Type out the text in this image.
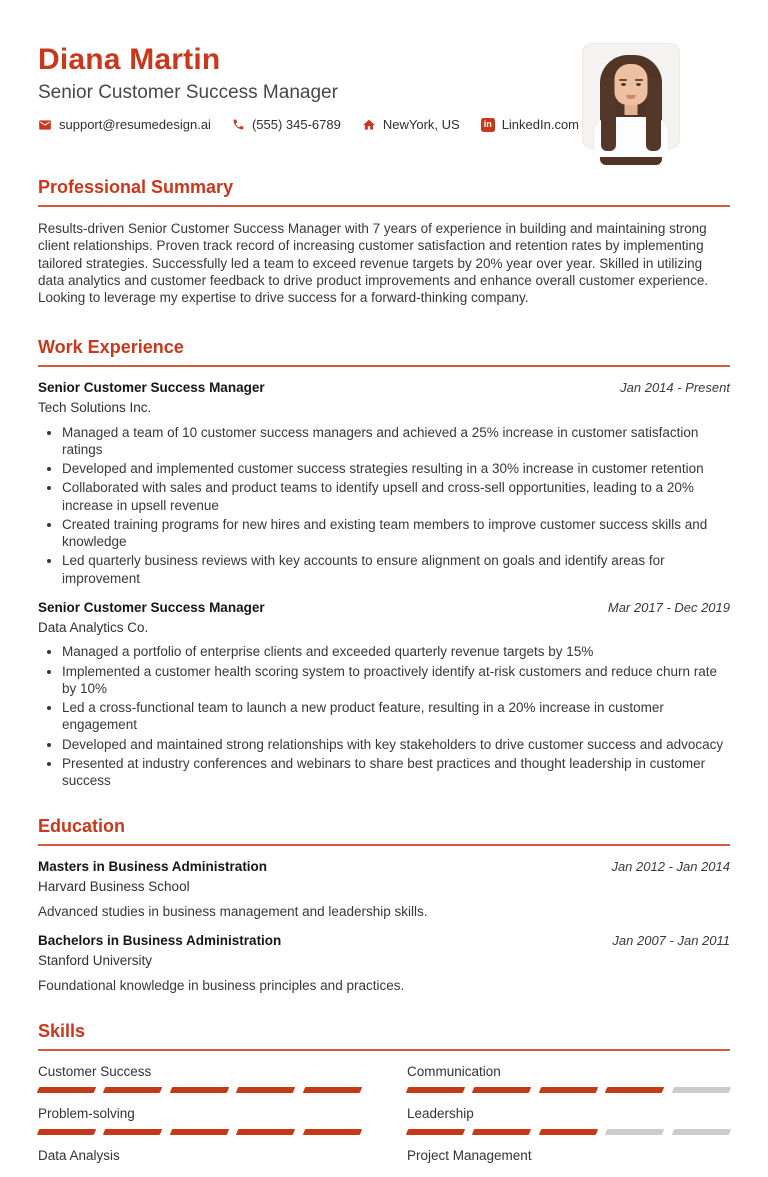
Diana Martin
Senior Customer Success Manager
support@resumedesign.ai	(555) 345-6789	NewYork, US	in LinkedIn.com
Professional Summary

Results-driven Senior Customer Success Manager with 7 years of experience in building and maintaining strong client relationships. Proven track record of increasing customer satisfaction and retention rates by implementing tailored strategies. Successfully led a team to exceed revenue targets by 20% year over year. Skilled in utilizing data analytics and customer feedback to drive product improvements and enhance overall customer experience. Looking to leverage my expertise to drive success for a forward-thinking company.

Work Experience
Senior Customer Success Manager	Jan 2014 - Present
Tech Solutions Inc.
• Managed a team of 10 customer success managers and achieved a 25% increase in customer satisfaction ratings
• Developed and implemented customer success strategies resulting in a 30% increase in customer retention
• Collaborated with sales and product teams to identify upsell and cross-sell opportunities, leading to a 20% increase in upsell revenue
• Created training programs for new hires and existing team members to improve customer success skills and knowledge
• Led quarterly business reviews with key accounts to ensure alignment on goals and identify areas for improvement
Senior Customer Success Manager	Mar 2017 - Dec 2019
Data Analytics Co.
• Managed a portfolio of enterprise clients and exceeded quarterly revenue targets by 15%
• Implemented a customer health scoring system to proactively identify at-risk customers and reduce churn rate by 10%
• Led a cross-functional team to launch a new product feature, resulting in a 20% increase in customer engagement
• Developed and maintained strong relationships with key stakeholders to drive customer success and advocacy
• Presented at industry conferences and webinars to share best practices and thought leadership in customer success
Education
Masters in Business Administration	Jan 2012 - Jan 2014
Harvard Business School
Advanced studies in business management and leadership skills.
Bachelors in Business Administration	Jan 2007 - Jan 2011
Stanford University
Foundational knowledge in business principles and practices.
Skills
Customer Success	Communication
Problem-solving	Leadership
Data Analysis	Project Management
